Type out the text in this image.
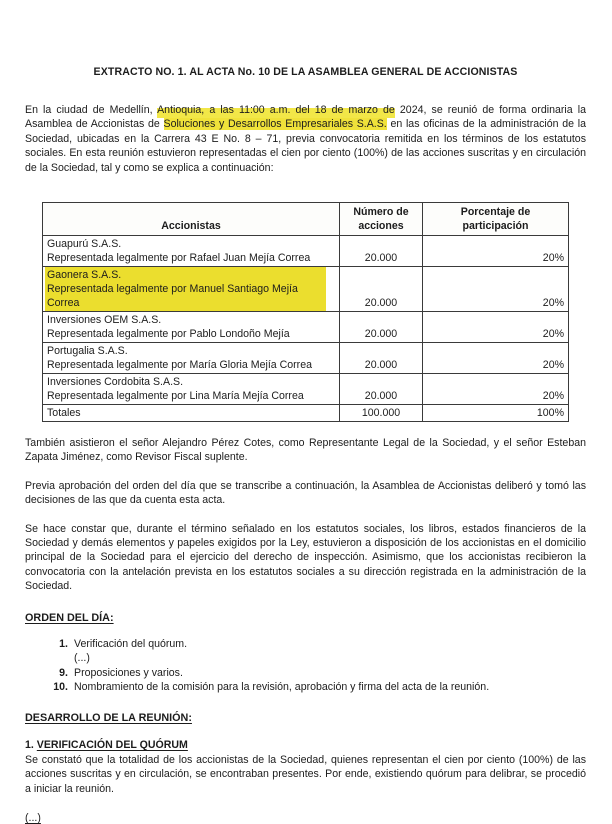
EXTRACTO NO. 1. AL ACTA No. 10 DE LA ASAMBLEA GENERAL DE ACCIONISTAS

En la ciudad de Medellín, Antioquia, a las 11:00 a.m. del 18 de marzo de 2024, se reunió de forma ordinaria la Asamblea de Accionistas de Soluciones y Desarrollos Empresariales S.A.S. en las oficinas de la administración de la Sociedad, ubicadas en la Carrera 43 E No. 8 – 71, previa convocatoria remitida en los términos de los estatutos sociales. En esta reunión estuvieron representadas el cien por ciento (100%) de las acciones suscritas y en circulación de la Sociedad, tal y como se explica a continuación:

Accionistas	Número de acciones	Porcentaje de participación

Guapurú S.A.S.
Representada legalmente por Rafael Juan Mejía Correa	20.000	20%

Gaonera S.A.S.
Representada legalmente por Manuel Santiago Mejía Correa	20.000	20%

Inversiones OEM S.A.S.
Representada legalmente por Pablo Londoño Mejía	20.000	20%

Portugalia S.A.S.
Representada legalmente por María Gloria Mejía Correa	20.000	20%

Inversiones Cordobita S.A.S.
Representada legalmente por Lina María Mejía Correa	20.000	20%
Totales	100.000	100%

También asistieron el señor Alejandro Pérez Cotes, como Representante Legal de la Sociedad, y el señor Esteban Zapata Jiménez, como Revisor Fiscal suplente.

Previa aprobación del orden del día que se transcribe a continuación, la Asamblea de Accionistas deliberó y tomó las decisiones de las que da cuenta esta acta.

Se hace constar que, durante el término señalado en los estatutos sociales, los libros, estados financieros de la Sociedad y demás elementos y papeles exigidos por la Ley, estuvieron a disposición de los accionistas en el domicilio principal de la Sociedad para el ejercicio del derecho de inspección. Asimismo, que los accionistas recibieron la convocatoria con la antelación prevista en los estatutos sociales a su dirección registrada en la administración de la Sociedad.

ORDEN DEL DÍA:
1. Verificación del quórum.
(...)
9. Proposiciones y varios.
10. Nombramiento de la comisión para la revisión, aprobación y firma del acta de la reunión.
DESARROLLO DE LA REUNIÓN:
1. VERIFICACIÓN DEL QUÓRUM

Se constató que la totalidad de los accionistas de la Sociedad, quienes representan el cien por ciento (100%) de las acciones suscritas y en circulación, se encontraban presentes. Por ende, existiendo quórum para delibrar, se procedió a iniciar la reunión.

(...)
